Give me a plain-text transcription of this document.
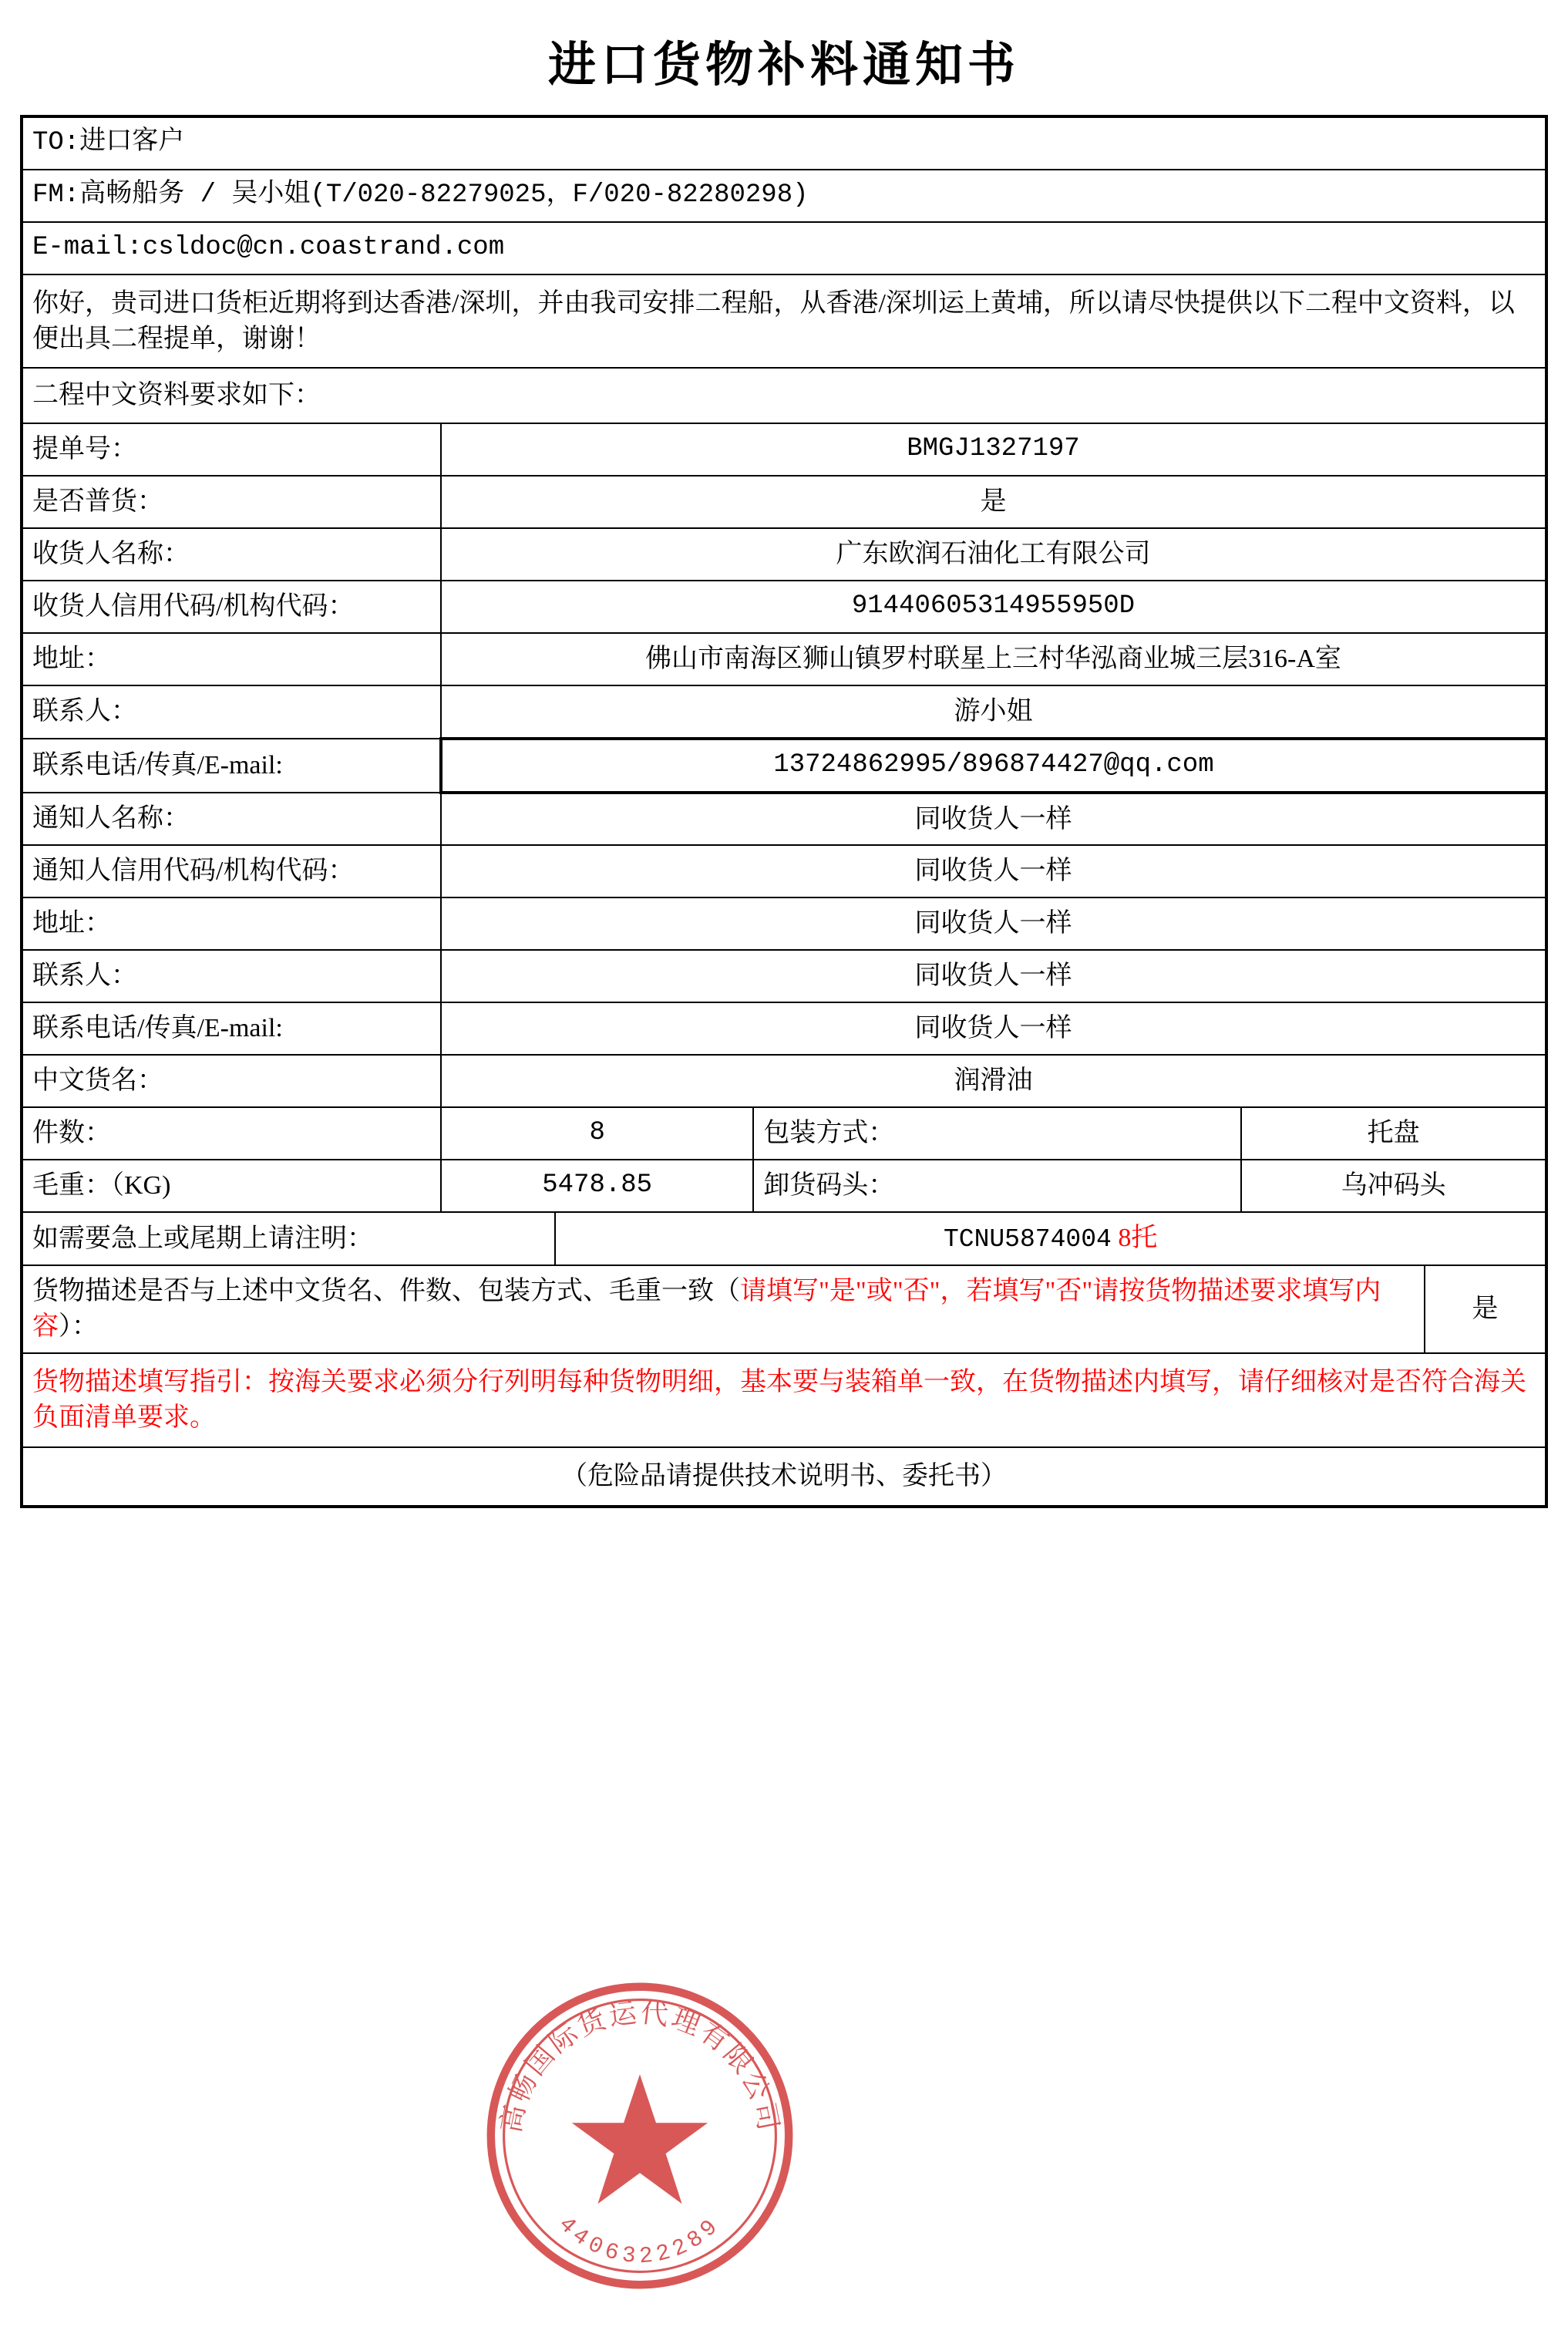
进口货物补料通知书
TO:进口客户					
FM:高畅船务 / 吴小姐(T/020-82279025，F/020-82280298)					
E-mail:csldoc@cn.coastrand.com					
你好，贵司进口货柜近期将到达香港/深圳，并由我司安排二程船，从香港/深圳运上黄埔，所以请尽快提供以下二程中文资料，以便出具二程提单，谢谢！					
二程中文资料要求如下：					
提单号：	BMGJ1327197				
是否普货：	是				
收货人名称：	广东欧润石油化工有限公司				
收货人信用代码/机构代码：	91440605314955950D				
地址：	佛山市南海区狮山镇罗村联星上三村华泓商业城三层316-A室				
联系人：	游小姐				
联系电话/传真/E-mail:	13724862995/896874427@qq.com				
通知人名称：	同收货人一样				
通知人信用代码/机构代码：	同收货人一样				
地址：	同收货人一样				
联系人：	同收货人一样				
联系电话/传真/E-mail:	同收货人一样				
中文货名：	润滑油				
件数：	8		包装方式：	托盘	
毛重：（KG)	5478.85		卸货码头：	乌冲码头	
如需要急上或尾期上请注明：		TCNU5874004 8托			
货物描述是否与上述中文货名、件数、包装方式、毛重一致（请填写"是"或"否"，若填写"否"请按货物描述要求填写内容）：					是
货物描述填写指引：按海关要求必须分行列明每种货物明细，基本要与装箱单一致，在货物描述内填写，请仔细核对是否符合海关负面清单要求。					
（危险品请提供技术说明书、委托书）					
高畅国际货运代理有限公司
4406322289
